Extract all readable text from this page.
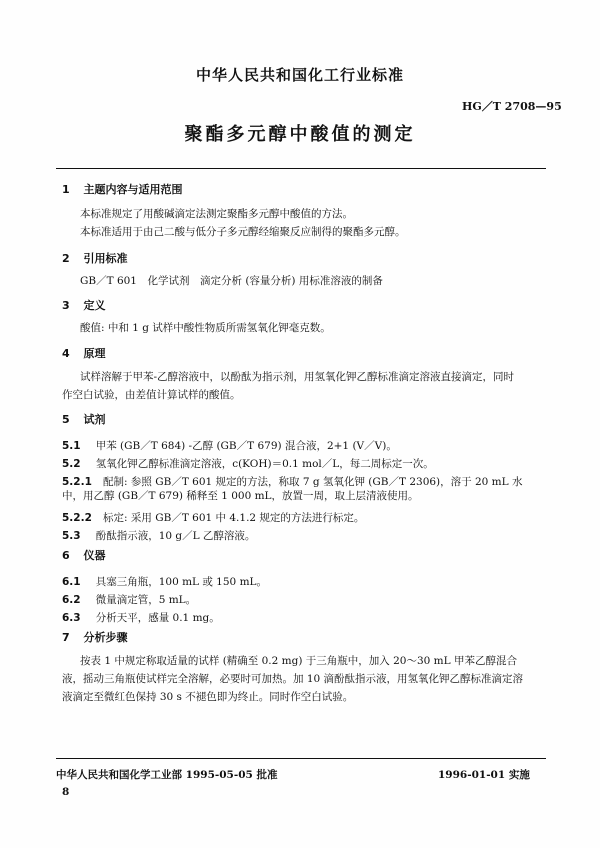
中华人民共和国化工行业标准
HG／T 2708—95
聚酯多元醇中酸值的测定
1 主题内容与适用范围
本标准规定了用酸碱滴定法测定聚酯多元醇中酸值的方法。
本标准适用于由己二酸与低分子多元醇经缩聚反应制得的聚酯多元醇。
2 引用标准
GB／T 601　化学试剂　滴定分析 (容量分析) 用标准溶液的制备
3 定义
酸值: 中和 1 g 试样中酸性物质所需氢氧化钾毫克数。
4 原理
试样溶解于甲苯-乙醇溶液中，以酚酞为指示剂，用氢氧化钾乙醇标准滴定溶液直接滴定，同时
作空白试验，由差值计算试样的酸值。
5 试剂
5.1 甲苯 (GB／T 684) -乙醇 (GB／T 679) 混合液，2+1 (V／V)。
5.2 氢氧化钾乙醇标准滴定溶液，c(KOH)＝0.1 mol／L，每二周标定一次。
5.2.1 配制: 参照 GB／T 601 规定的方法，称取 7 g 氢氧化钾 (GB／T 2306)，溶于 20 mL 水
中，用乙醇 (GB／T 679) 稀释至 1 000 mL，放置一周，取上层清液使用。
5.2.2 标定: 采用 GB／T 601 中 4.1.2 规定的方法进行标定。
5.3 酚酞指示液，10 g／L 乙醇溶液。
6 仪器
6.1 具塞三角瓶，100 mL 或 150 mL。
6.2 微量滴定管，5 mL。
6.3 分析天平，感量 0.1 mg。
7 分析步骤
按表 1 中规定称取适量的试样 (精确至 0.2 mg) 于三角瓶中，加入 20～30 mL 甲苯乙醇混合
液，摇动三角瓶使试样完全溶解，必要时可加热。加 10 滴酚酞指示液，用氢氧化钾乙醇标准滴定溶
液滴定至微红色保持 30 s 不褪色即为终止。同时作空白试验。
中华人民共和国化学工业部 1995-05-05 批准	1996-01-01 实施
8
